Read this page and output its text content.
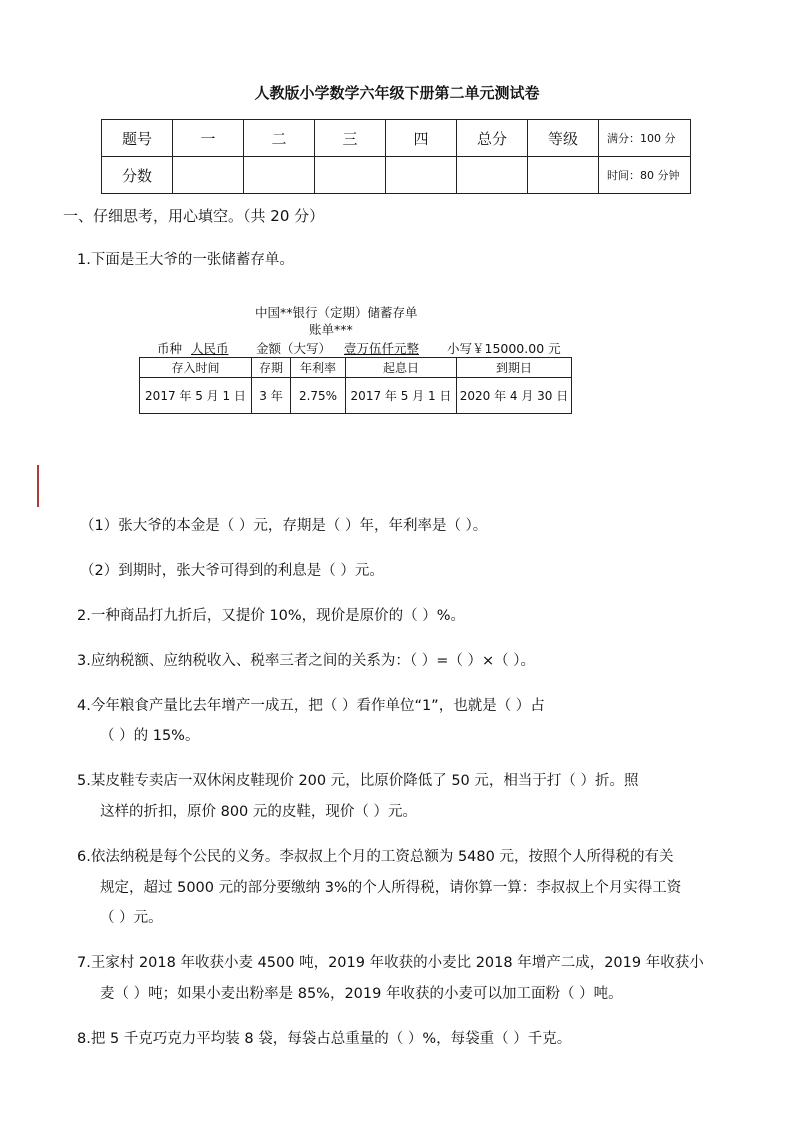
人教版小学数学六年级下册第二单元测试卷
题号	一	二	三	四	总分	等级	满分：100 分
分数							时间：80 分钟
一、仔细思考，用心填空。（共 20 分）
1.下面是王大爷的一张储蓄存单。
中国**银行（定期）储蓄存单
账单***
币种 人民币 金额（大写） 壹万伍仟元整 小写￥15000.00 元
存入时间	存期	年利率	起息日	到期日
2017 年 5 月 1 日	3 年	2.75%	2017 年 5 月 1 日	2020 年 4 月 30 日
（1）张大爷的本金是（ ）元，存期是（ ）年，年利率是（ ）。
（2）到期时，张大爷可得到的利息是（ ）元。
2.一种商品打九折后，又提价 10%，现价是原价的（ ）%。
3.应纳税额、应纳税收入、税率三者之间的关系为：（ ）=（ ）×（ ）。
4.今年粮食产量比去年增产一成五，把（ ）看作单位“1”，也就是（ ）占
（ ）的 15%。
5.某皮鞋专卖店一双休闲皮鞋现价 200 元，比原价降低了 50 元，相当于打（ ）折。照
这样的折扣，原价 800 元的皮鞋，现价（ ）元。
6.依法纳税是每个公民的义务。李叔叔上个月的工资总额为 5480 元，按照个人所得税的有关
规定，超过 5000 元的部分要缴纳 3%的个人所得税，请你算一算：李叔叔上个月实得工资
（ ）元。
7.王家村 2018 年收获小麦 4500 吨，2019 年收获的小麦比 2018 年增产二成，2019 年收获小
麦（ ）吨；如果小麦出粉率是 85%，2019 年收获的小麦可以加工面粉（ ）吨。
8.把 5 千克巧克力平均装 8 袋，每袋占总重量的（ ）%，每袋重（ ）千克。
